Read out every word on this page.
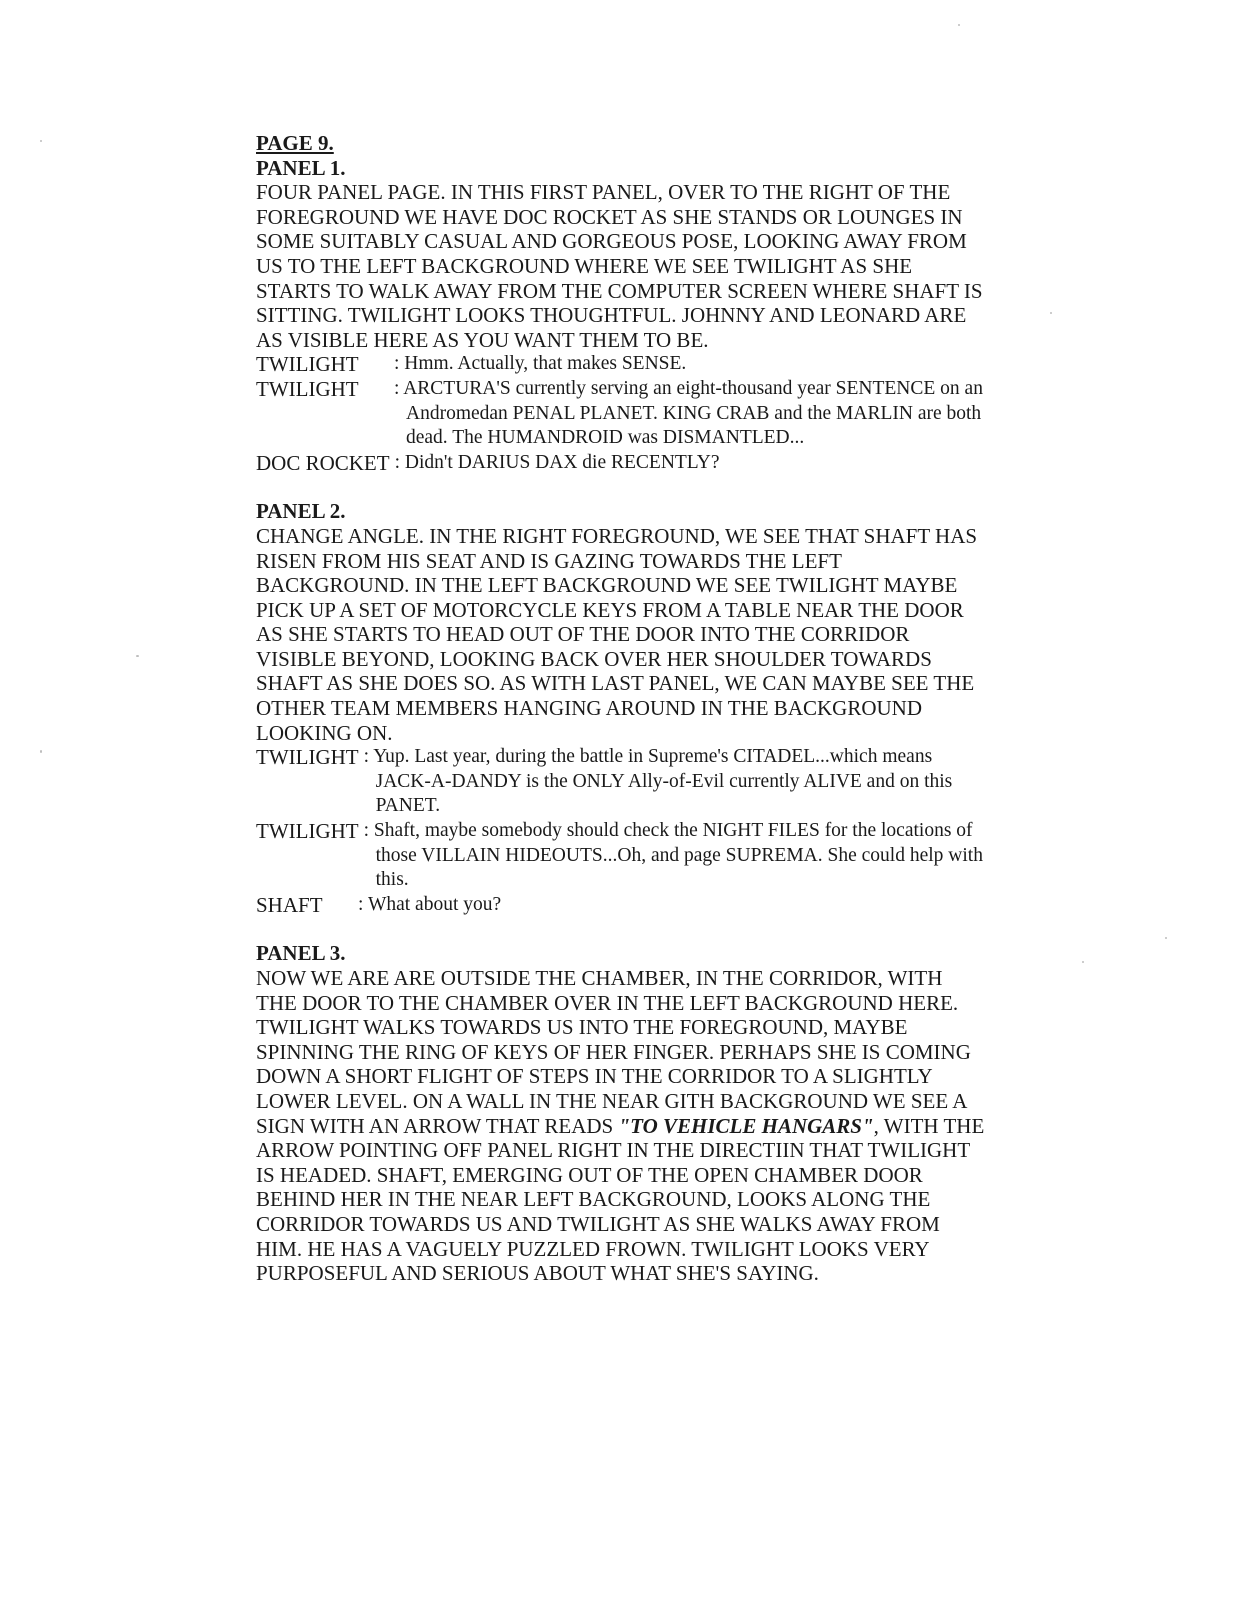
PAGE 9.
PANEL 1.

FOUR PANEL PAGE. IN THIS FIRST PANEL, OVER TO THE RIGHT OF THE FOREGROUND WE HAVE DOC ROCKET AS SHE STANDS OR LOUNGES IN SOME SUITABLY CASUAL AND GORGEOUS POSE, LOOKING AWAY FROM US TO THE LEFT BACKGROUND WHERE WE SEE TWILIGHT AS SHE STARTS TO WALK AWAY FROM THE COMPUTER SCREEN WHERE SHAFT IS SITTING. TWILIGHT LOOKS THOUGHTFUL. JOHNNY AND LEONARD ARE AS VISIBLE HERE AS YOU WANT THEM TO BE.

TWILIGHT	: Hmm. Actually, that makes SENSE.
TWILIGHT	: ARCTURA'S currently serving an eight-thousand year SENTENCE on an Andromedan PENAL PLANET. KING CRAB and the MARLIN are both dead. The HUMANDROID was DISMANTLED...
DOC ROCKET : Didn't DARIUS DAX die RECENTLY?
PANEL 2.

CHANGE ANGLE. IN THE RIGHT FOREGROUND, WE SEE THAT SHAFT HAS RISEN FROM HIS SEAT AND IS GAZING TOWARDS THE LEFT BACKGROUND. IN THE LEFT BACKGROUND WE SEE TWILIGHT MAYBE PICK UP A SET OF MOTORCYCLE KEYS FROM A TABLE NEAR THE DOOR AS SHE STARTS TO HEAD OUT OF THE DOOR INTO THE CORRIDOR VISIBLE BEYOND, LOOKING BACK OVER HER SHOULDER TOWARDS SHAFT AS SHE DOES SO. AS WITH LAST PANEL, WE CAN MAYBE SEE THE OTHER TEAM MEMBERS HANGING AROUND IN THE BACKGROUND LOOKING ON.

TWILIGHT : Yup. Last year, during the battle in Supreme's CITADEL...which means JACK-A-DANDY is the ONLY Ally-of-Evil currently ALIVE and on this PANET.
TWILIGHT : Shaft, maybe somebody should check the NIGHT FILES for the locations of those VILLAIN HIDEOUTS...Oh, and page SUPREMA. She could help with this.
SHAFT	: What about you?
PANEL 3.

NOW WE ARE ARE OUTSIDE THE CHAMBER, IN THE CORRIDOR, WITH THE DOOR TO THE CHAMBER OVER IN THE LEFT BACKGROUND HERE. TWILIGHT WALKS TOWARDS US INTO THE FOREGROUND, MAYBE SPINNING THE RING OF KEYS OF HER FINGER. PERHAPS SHE IS COMING DOWN A SHORT FLIGHT OF STEPS IN THE CORRIDOR TO A SLIGHTLY LOWER LEVEL. ON A WALL IN THE NEAR GITH BACKGROUND WE SEE A SIGN WITH AN ARROW THAT READS "TO VEHICLE HANGARS", WITH THE ARROW POINTING OFF PANEL RIGHT IN THE DIRECTIIN THAT TWILIGHT IS HEADED. SHAFT, EMERGING OUT OF THE OPEN CHAMBER DOOR BEHIND HER IN THE NEAR LEFT BACKGROUND, LOOKS ALONG THE CORRIDOR TOWARDS US AND TWILIGHT AS SHE WALKS AWAY FROM HIM. HE HAS A VAGUELY PUZZLED FROWN. TWILIGHT LOOKS VERY PURPOSEFUL AND SERIOUS ABOUT WHAT SHE'S SAYING.
